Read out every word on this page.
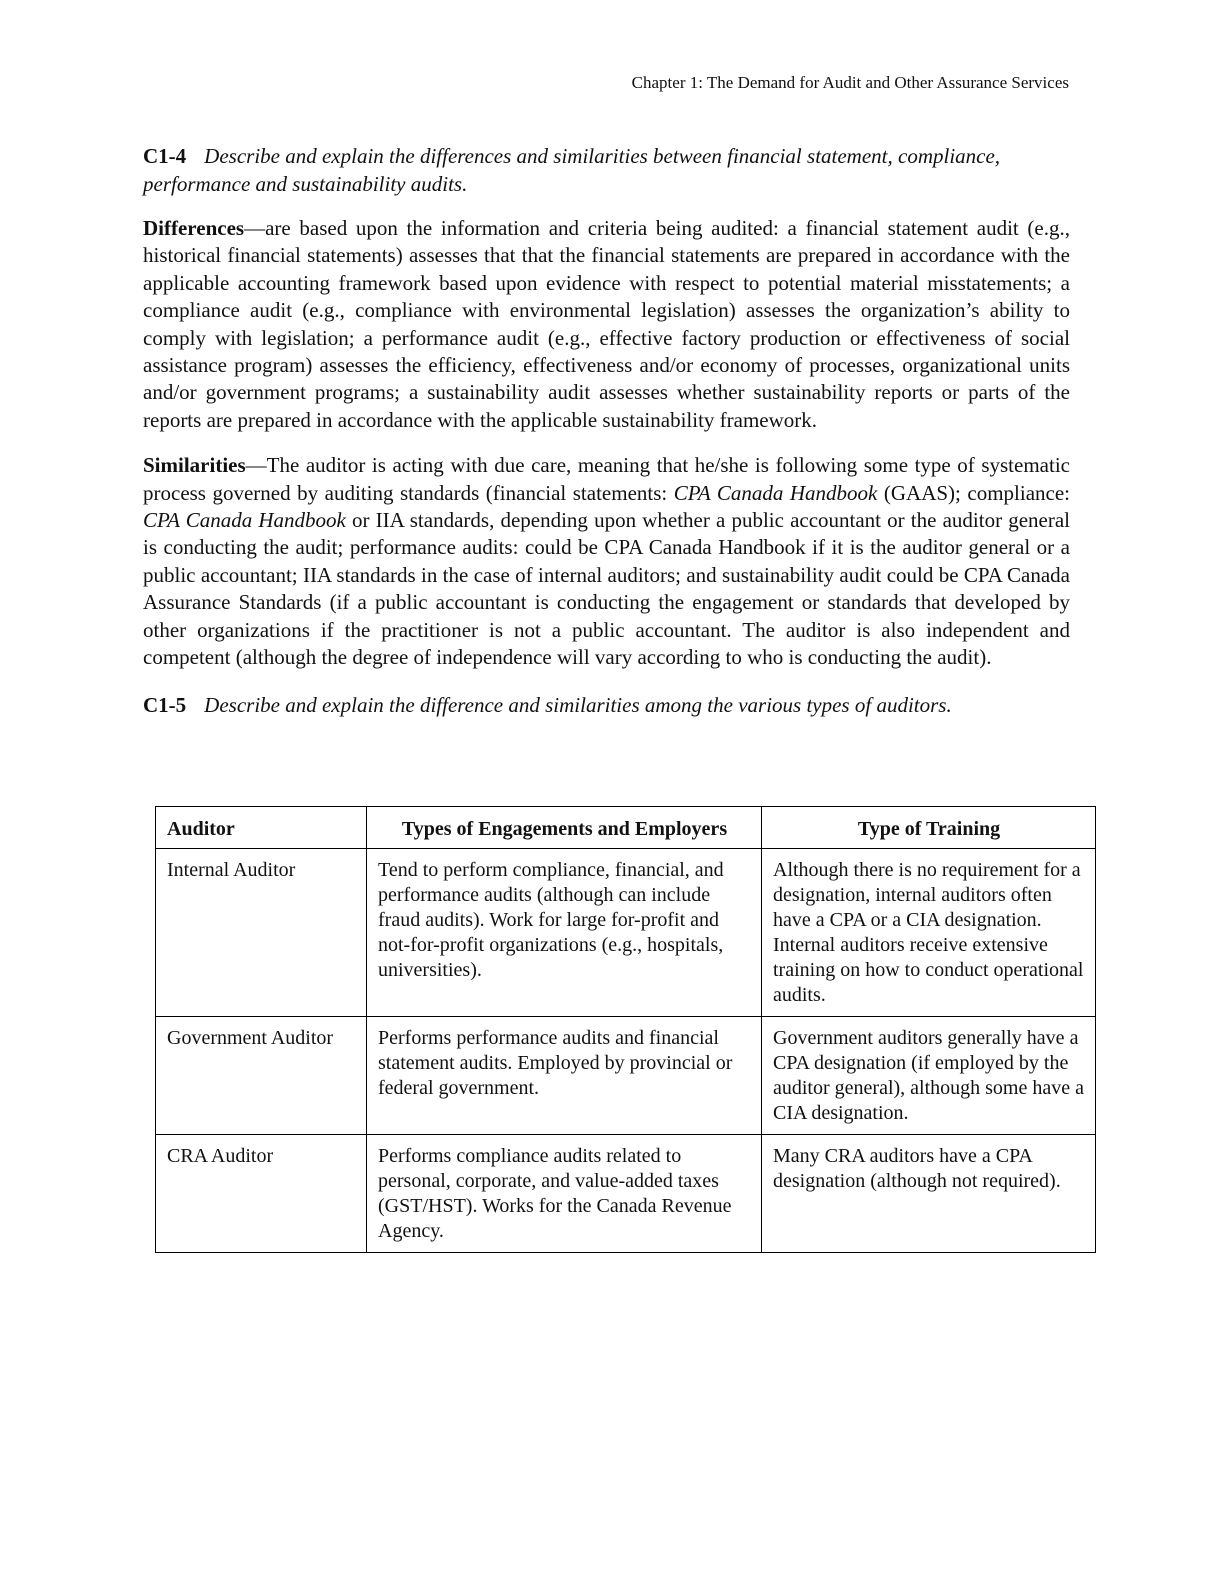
Chapter 1: The Demand for Audit and Other Assurance Services

C1-4 Describe and explain the differences and similarities between financial statement, compliance, performance and sustainability audits.

Differences—are based upon the information and criteria being audited: a financial statement audit (e.g., historical financial statements) assesses that that the financial statements are prepared in accordance with the applicable accounting framework based upon evidence with respect to potential material misstatements; a compliance audit (e.g., compliance with environmental legislation) assesses the organization’s ability to comply with legislation; a performance audit (e.g., effective factory production or effectiveness of social assistance program) assesses the efficiency, effectiveness and/or economy of processes, organizational units and/or government programs; a sustainability audit assesses whether sustainability reports or parts of the reports are prepared in accordance with the applicable sustainability framework.

Similarities—The auditor is acting with due care, meaning that he/she is following some type of systematic process governed by auditing standards (financial statements: CPA Canada Handbook (GAAS); compliance: CPA Canada Handbook or IIA standards, depending upon whether a public accountant or the auditor general is conducting the audit; performance audits: could be CPA Canada Handbook if it is the auditor general or a public accountant; IIA standards in the case of internal auditors; and sustainability audit could be CPA Canada Assurance Standards (if a public accountant is conducting the engagement or standards that developed by other organizations if the practitioner is not a public accountant. The auditor is also independent and competent (although the degree of independence will vary according to who is conducting the audit).

C1-5 Describe and explain the difference and similarities among the various types of auditors.

Auditor	Types of Engagements and Employers	Type of Training
Internal Auditor	Tend to perform compliance, financial, and performance audits (although can include fraud audits). Work for large for-profit and not-for-profit organizations (e.g., hospitals, universities).	Although there is no requirement for a designation, internal auditors often have a CPA or a CIA designation. Internal auditors receive extensive training on how to conduct operational audits.
Government Auditor	Performs performance audits and financial statement audits. Employed by provincial or federal government.	Government auditors generally have a CPA designation (if employed by the auditor general), although some have a CIA designation.
CRA Auditor	Performs compliance audits related to personal, corporate, and value-added taxes (GST/HST). Works for the Canada Revenue Agency.	Many CRA auditors have a CPA designation (although not required).
